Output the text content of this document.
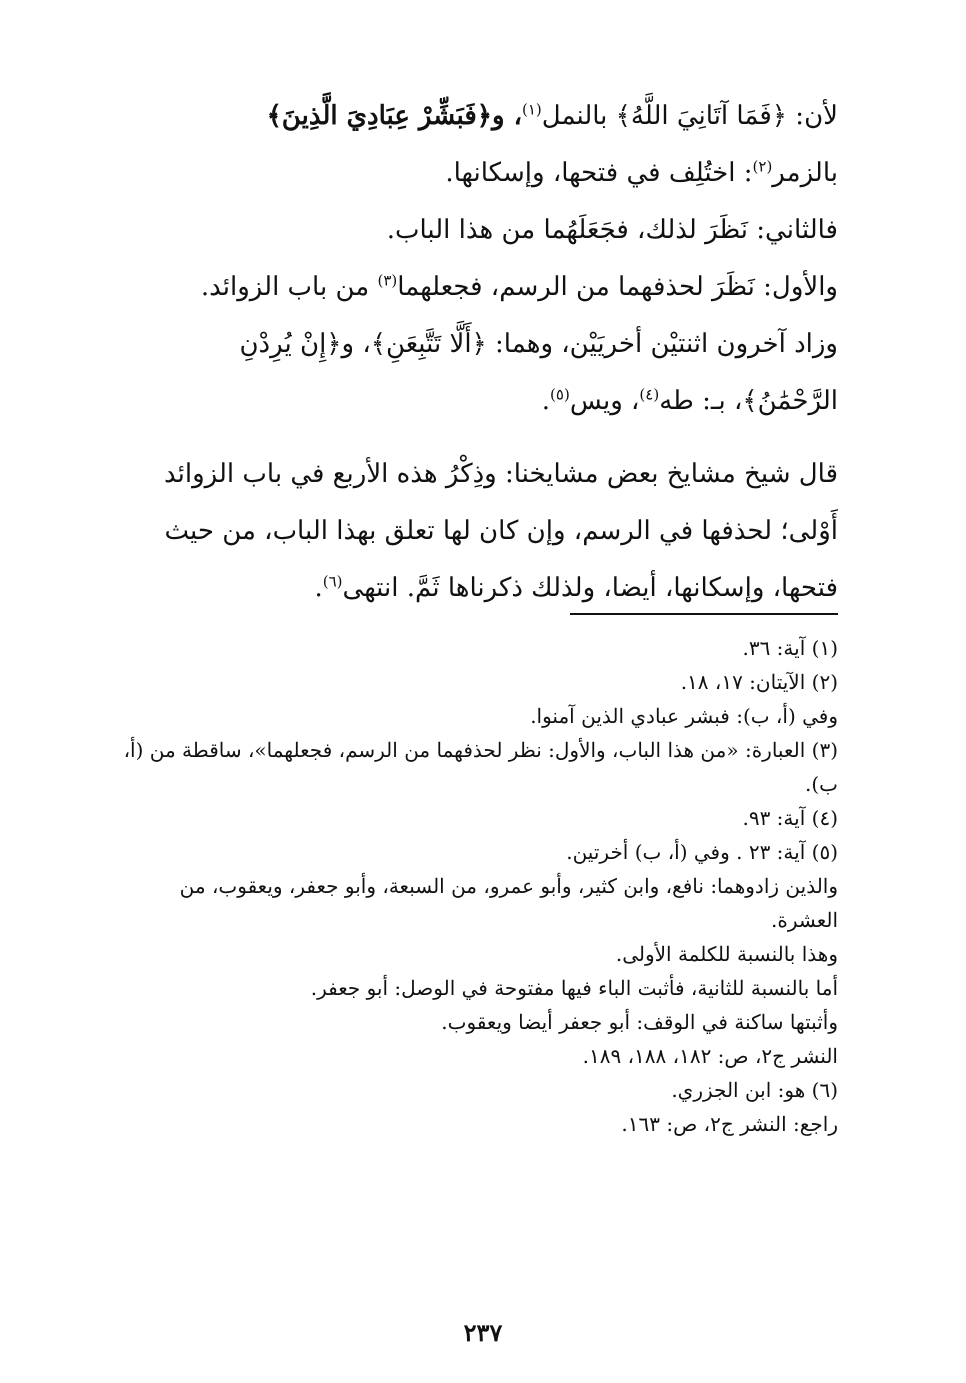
لأن: ﴿فَمَا آتَانِيَ اللَّهُ﴾ بالنمل$^{(١)}$، و﴿فَبَشِّرْ عِبَادِيَ الَّذِينَ﴾
بالزمر$^{(٢)}$: اختُلِف في فتحها، وإسكانها.
فالثاني: نَظَرَ لذلك، فجَعَلَهُما من هذا الباب.
والأول: نَظَرَ لحذفهما من الرسم، فجعلهما$^{(٣)}$ من باب الزوائد.
وزاد آخرون اثنتيْن أخريَيْن، وهما: ﴿أَلَّا تَتَّبِعَنِ﴾، و﴿إِنْ يُرِدْنِ
الرَّحْمَٰنُ﴾، بـ: طه$^{(٤)}$، ويس$^{(٥)}$.
قال شيخ مشايخ بعض مشايخنا: وذِكْرُ هذه الأربع في باب الزوائد
أَوْلى؛ لحذفها في الرسم، وإن كان لها تعلق بهذا الباب، من حيث
فتحها، وإسكانها، أيضا، ولذلك ذكرناها ثَمَّ. انتهى$^{(٦)}$.
(١) آية: ٣٦.
(٢) الآيتان: ١٧، ١٨.
وفي (أ، ب): فبشر عبادي الذين آمنوا.
(٣) العبارة: «من هذا الباب، والأول: نظر لحذفهما من الرسم، فجعلهما»، ساقطة من (أ، ب).
(٤) آية: ٩٣.
(٥) آية: ٢٣ . وفي (أ، ب) أخرتين.
والذين زادوهما: نافع، وابن كثير، وأبو عمرو، من السبعة، وأبو جعفر، ويعقوب، من العشرة.
وهذا بالنسبة للكلمة الأولى.
أما بالنسبة للثانية، فأثبت الباء فيها مفتوحة في الوصل: أبو جعفر.
وأثبتها ساكنة في الوقف: أبو جعفر أيضا ويعقوب.
النشر ج٢، ص: ١٨٢، ١٨٨، ١٨٩.
(٦) هو: ابن الجزري.
راجع: النشر ج٢، ص: ١٦٣.
٢٣٧
